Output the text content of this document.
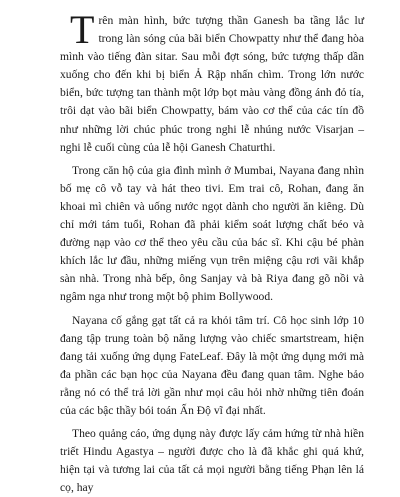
Trên màn hình, bức tượng thần Ganesh ba tầng lắc lư trong làn sóng của bãi biển Chowpatty như thể đang hòa mình vào tiếng đàn sitar. Sau mỗi đợt sóng, bức tượng thấp dần xuống cho đến khi bị biển Ả Rập nhấn chìm. Trong lớn nước biển, bức tượng tan thành một lớp bọt màu vàng đồng ánh đỏ tía, trôi dạt vào bãi biển Chowpatty, bám vào cơ thể của các tín đồ như những lời chúc phúc trong nghi lễ nhúng nước Visarjan – nghi lễ cuối cùng của lễ hội Ganesh Chaturthi.

Trong căn hộ của gia đình mình ở Mumbai, Nayana đang nhìn bố mẹ cô vỗ tay và hát theo tivi. Em trai cô, Rohan, đang ăn khoai mì chiên và uống nước ngọt dành cho người ăn kiêng. Dù chỉ mới tám tuổi, Rohan đã phải kiểm soát lượng chất béo và đường nạp vào cơ thể theo yêu cầu của bác sĩ. Khi cậu bé phàn khích lắc lư đầu, những miếng vụn trên miệng cậu rơi vãi khắp sàn nhà. Trong nhà bếp, ông Sanjay và bà Riya đang gõ nồi và ngâm nga như trong một bộ phim Bollywood.

Nayana cố gắng gạt tất cả ra khỏi tâm trí. Cô học sinh lớp 10 đang tập trung toàn bộ năng lượng vào chiếc smartstream, hiện đang tải xuống ứng dụng FateLeaf. Đây là một ứng dụng mới mà đa phần các bạn học của Nayana đều đang quan tâm. Nghe bảo rằng nó có thể trả lời gần như mọi câu hỏi nhờ những tiên đoán của các bậc thầy bói toán Ấn Độ vĩ đại nhất.

Theo quảng cáo, ứng dụng này được lấy cảm hứng từ nhà hiền triết Hindu Agastya – người được cho là đã khắc ghi quá khứ, hiện tại và tương lai của tất cả mọi người bằng tiếng Phạn lên lá cọ, hay
